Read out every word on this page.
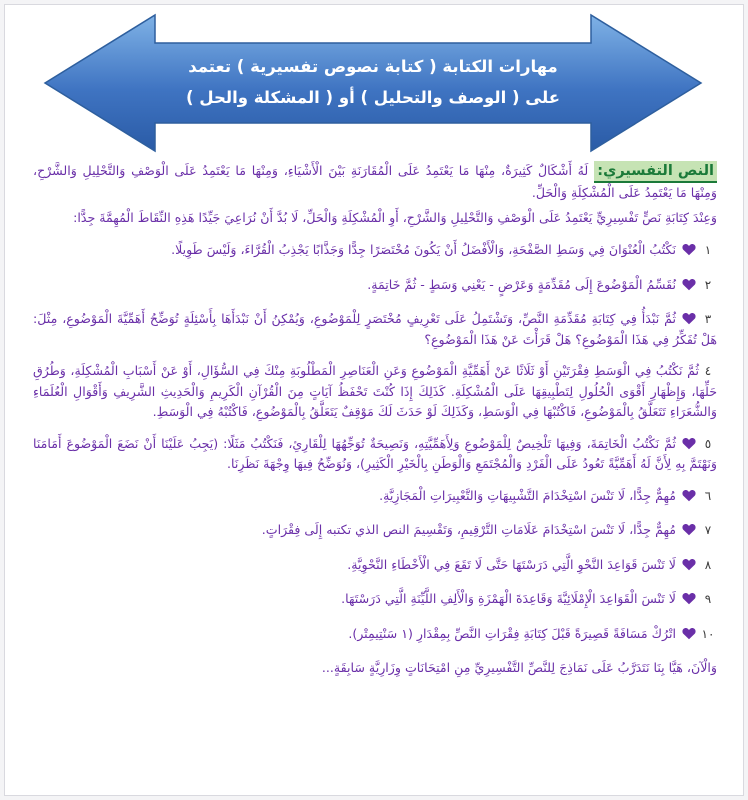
مهارات الكتابة ( كتابة نصوص تفسيرية ) تعتمد
على ( الوصف والتحليل ) أو ( المشكلة والحل )

النص التفسيري:لَهُ أَشْكَالٌ كَثِيرَةٌ، مِنْهَا مَا يَعْتَمِدُ عَلَى الْمُقَارَنَةِ بَيْنَ الْأَشْيَاءِ، وَمِنْهَا مَا يَعْتَمِدُ عَلَى الْوَصْفِ وَالتَّحْلِيلِ وَالشَّرْحِ، وَمِنْهَا مَا يَعْتَمِدُ عَلَى الْمُشْكِلَةِ وَالْحَلِّ.

وَعِنْدَ كِتَابَةِ نَصٍّ تَفْسِيرِيٍّ يَعْتَمِدُ عَلَى الْوَصْفِ وَالتَّحْلِيلِ وَالشَّرْحِ، أَوِ الْمُشْكِلَةِ وَالْحَلِّ، لَا بُدَّ أَنْ نُرَاعِيَ جَيِّدًا هَذِهِ النِّقَاطَ الْمُهِمَّةَ جِدًّا:

١نَكْتُبُ الْعُنْوَانَ فِي وَسَطِ الصَّفْحَةِ، وَالْأَفْضَلُ أَنْ يَكُونَ مُخْتَصَرًا جِدًّا وَجَذَّابًا يَجْذِبُ الْقُرَّاءَ، وَلَيْسَ طَوِيلًا.

٢نُقَسِّمُ الْمَوْضُوعَ إِلَى مُقَدِّمَةٍ وَعَرْضٍ - يَعْنِي وَسَطٍ - ثُمَّ خَاتِمَةٍ.

٣ثُمَّ نَبْدَأُ فِي كِتَابَةِ مُقَدِّمَةِ النَّصِّ، وَتَشْتَمِلُ عَلَى تَعْرِيفٍ مُخْتَصَرٍ لِلْمَوْضُوعِ، وَيُمْكِنُ أَنْ نَبْدَأَهَا بِأَسْئِلَةٍ تُوَضِّحُ أَهَمِّيَّةَ الْمَوْضُوعِ، مِثْلَ: هَلْ تُفَكِّرُ فِي هَذَا الْمَوْضُوعِ؟ هَلْ قَرَأْتَ عَنْ هَذَا الْمَوْضُوعِ؟

٤ثُمَّ نَكْتُبُ فِي الْوَسَطِ فِقْرَتَيْنِ أَوْ ثَلَاثًا عَنْ أَهَمِّيَّةِ الْمَوْضُوعِ وَعَنِ الْعَنَاصِرِ الْمَطْلُوبَةِ مِنْكَ فِي السُّؤَالِ، أَوْ عَنْ أَسْبَابِ الْمُشْكِلَةِ، وَطُرُقِ حَلِّهَا، وَإِظْهَارِ أَقْوَى الْحُلُولِ لِتَطْبِيقِهَا عَلَى الْمُشْكِلَةِ. كَذَلِكَ إِذَا كُنْتَ تَحْفَظُ آيَاتٍ مِنَ الْقُرْآنِ الْكَرِيمِ وَالْحَدِيثِ الشَّرِيفِ وَأَقْوَالِ الْعُلَمَاءِ وَالشُّعَرَاءِ تَتَعَلَّقُ بِالْمَوْضُوعِ، فَاكْتُبْهَا فِي الْوَسَطِ، وَكَذَلِكَ لَوْ حَدَثَ لَكَ مَوْقِفٌ يَتَعَلَّقُ بِالْمَوْضُوعِ، فَاكْتُبْهُ فِي الْوَسَطِ.

٥ثُمَّ نَكْتُبُ الْخَاتِمَةَ، وَفِيهَا تَلْخِيصٌ لِلْمَوْضُوعِ وَلِأَهَمِّيَّتِهِ، وَنَصِيحَةٌ تُوَجِّهُهَا لِلْقَارِئِ، فَنَكْتُبُ مَثَلًا: (يَجِبُ عَلَيْنَا أَنْ نَضَعَ الْمَوْضُوعَ أَمَامَنَا وَنَهْتَمَّ بِهِ لِأَنَّ لَهُ أَهَمِّيَّةً تَعُودُ عَلَى الْفَرْدِ وَالْمُجْتَمَعِ وَالْوَطَنِ بِالْخَيْرِ الْكَثِيرِ)، وَنُوَضِّحُ فِيهَا وِجْهَةَ نَظَرِنَا.

٦مُهِمٌّ جِدًّا، لَا تَنْسَ اسْتِخْدَامَ التَّشْبِيهَاتِ وَالتَّعْبِيرَاتِ الْمَجَازِيَّةِ.

٧مُهِمٌّ جِدًّا، لَا تَنْسَ اسْتِخْدَامَ عَلَامَاتِ التَّرْقِيمِ، وَتَقْسِيمَ النص الذي تكتبه إِلَى فِقْرَاتٍ.

٨لَا تَنْسَ قَوَاعِدَ النَّحْوِ الَّتِي دَرَسْتَهَا حَتَّى لَا تَقَعَ فِي الْأَخْطَاءِ النَّحْوِيَّةِ.

٩لَا تَنْسَ الْقَوَاعِدَ الْإِمْلَائِيَّةَ وَقَاعِدَةَ الْهَمْزَةِ وَالْأَلِفِ اللَّيِّنَةِ الَّتِي دَرَسْتَهَا.

١٠اتْرُكْ مَسَافَةً قَصِيرَةً قَبْلَ كِتَابَةِ فِقْرَاتِ النَّصِّ بِمِقْدَارِ (١ سَنْتِيمِتْر).

وَالْآنَ، هَيَّا بِنَا نَتَدَرَّبُ عَلَى نَمَاذِجَ لِلنَّصِّ التَّفْسِيرِيِّ مِنِ امْتِحَانَاتٍ وِزَارِيَّةٍ سَابِقَةٍ...
